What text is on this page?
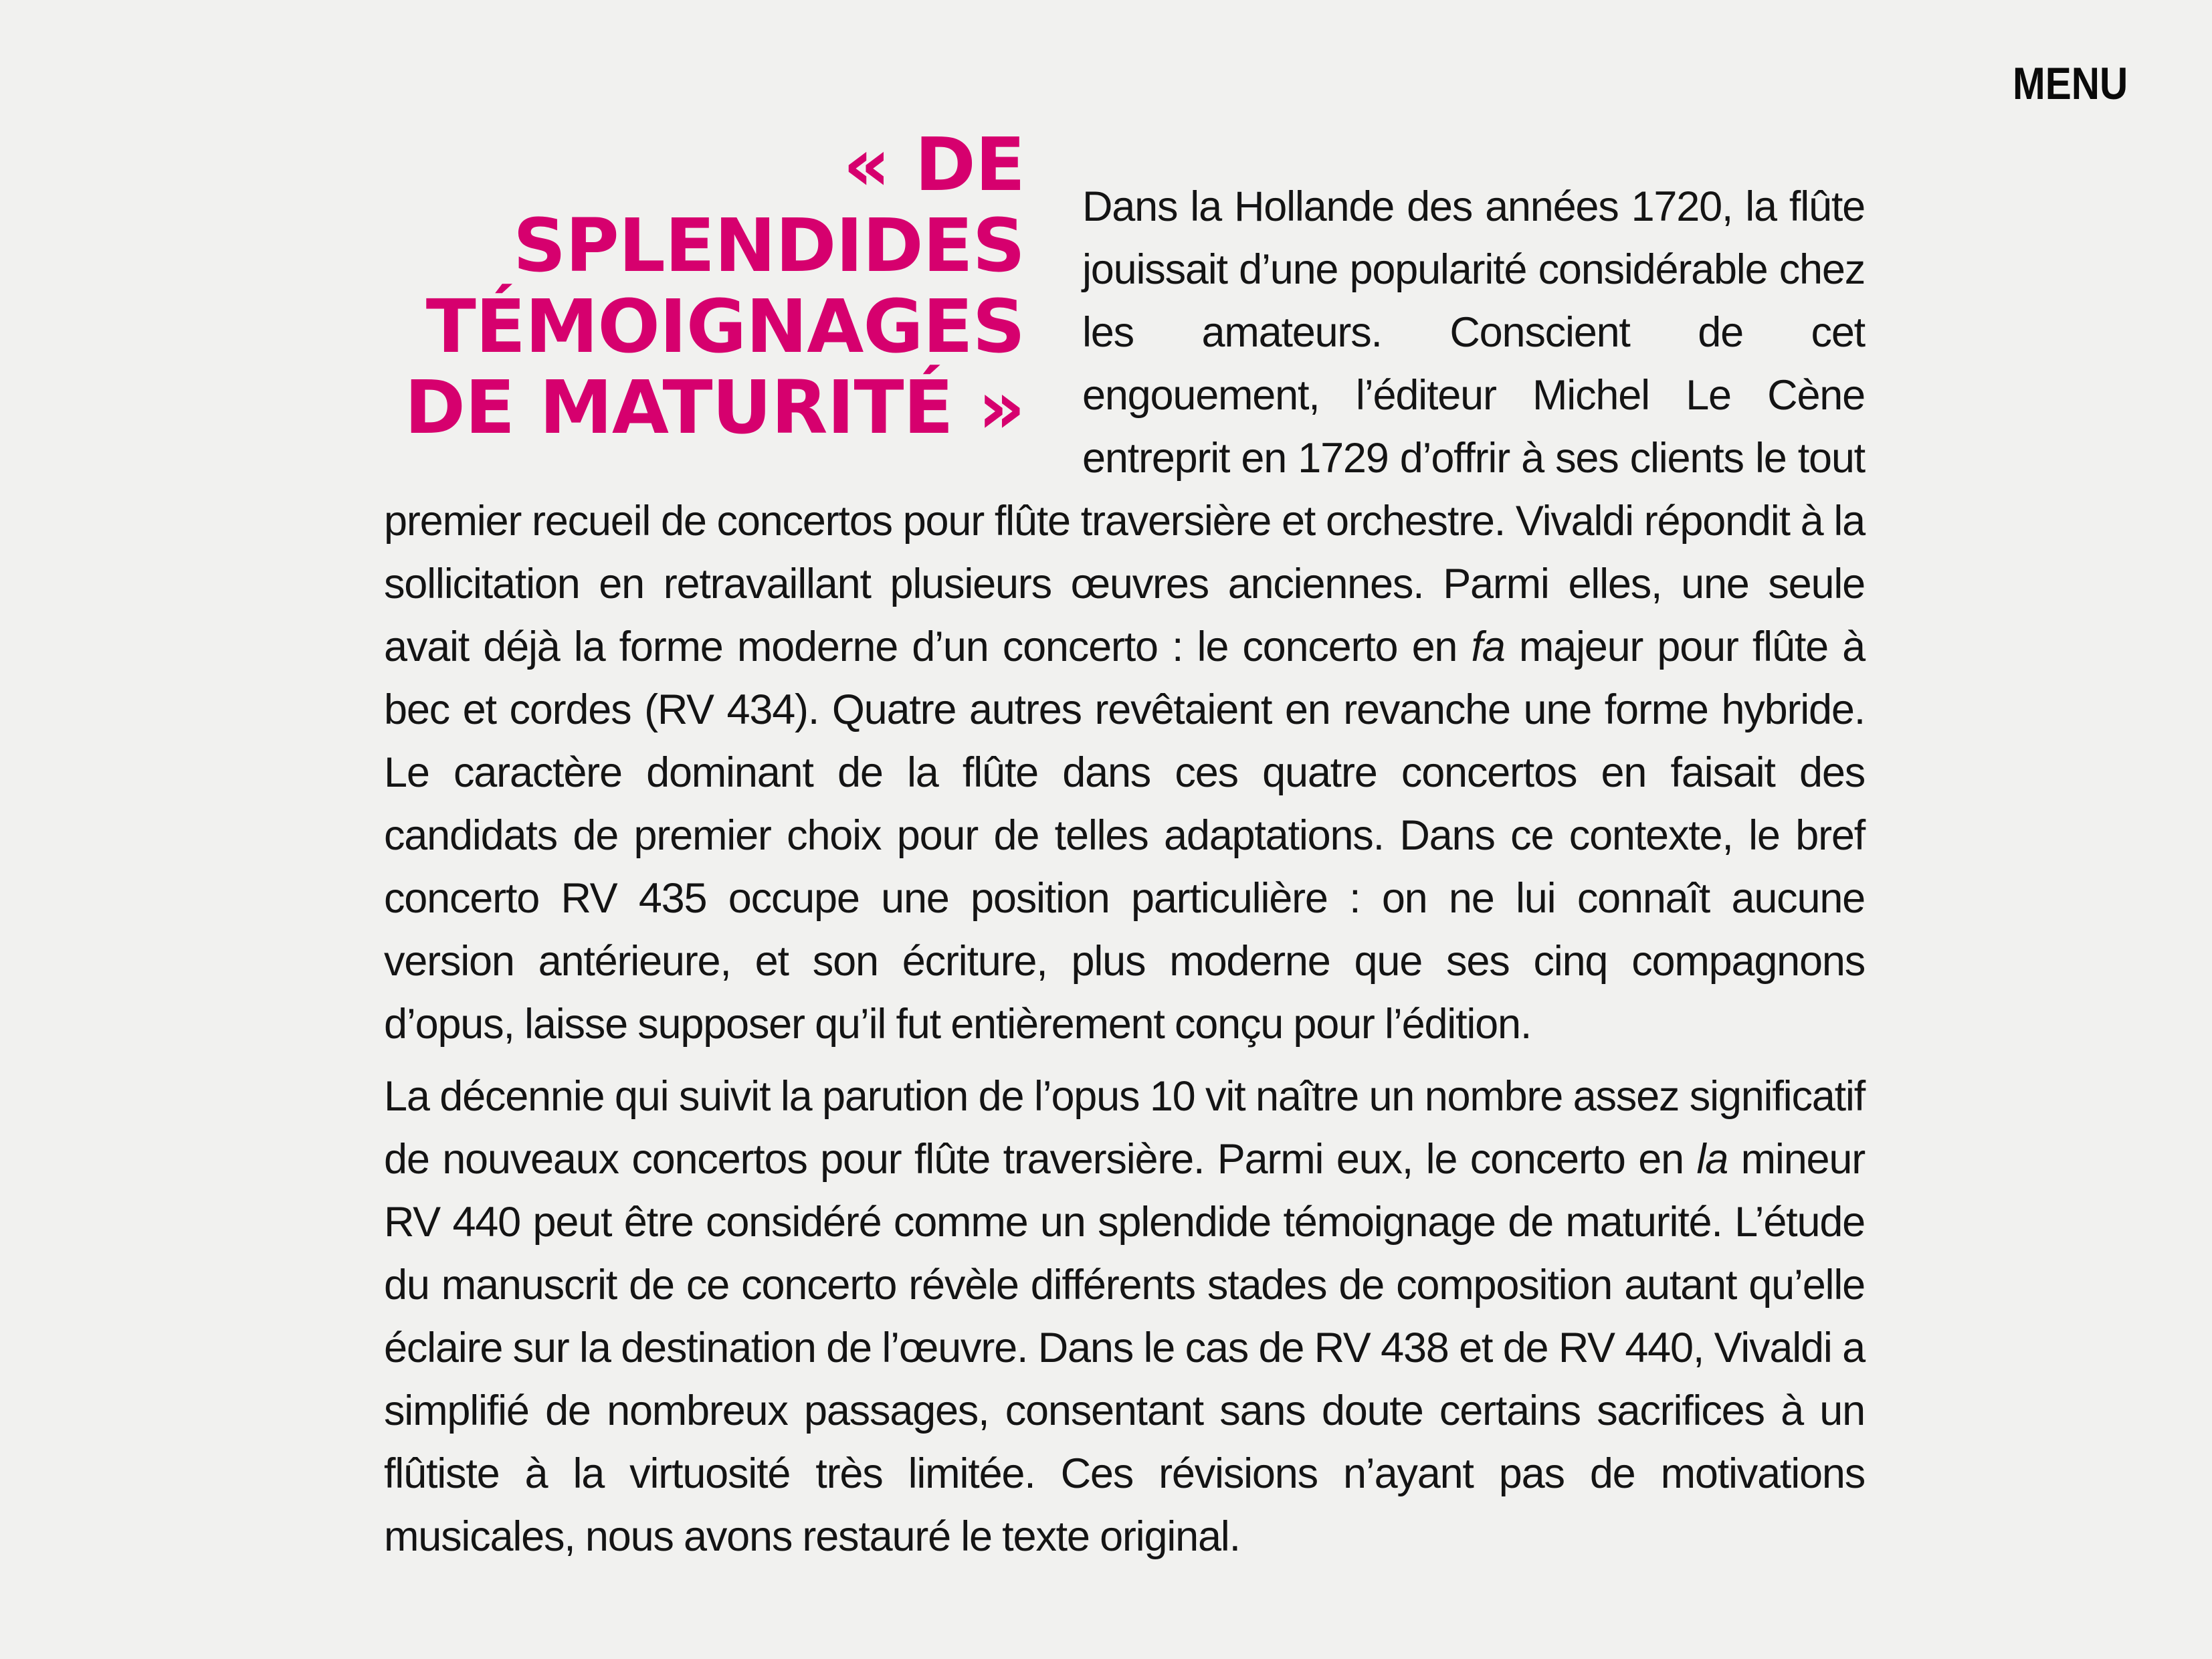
MENU
« DE
SPLENDIDES
TÉMOIGNAGES
DE MATURITÉ »

Dans la Hollande des années 1720, la flûte jouissait d’une popularité considérable chez les amateurs. Conscient de cet engouement, l’éditeur Michel Le Cène entreprit en 1729 d’offrir à ses clients le tout premier recueil de concertos pour flûte traversière et orchestre. Vivaldi répondit à la sollicitation en retravaillant plusieurs œuvres anciennes. Parmi elles, une seule avait déjà la forme moderne d’un concerto : le concerto en fa majeur pour flûte à bec et cordes (RV 434). Quatre autres revêtaient en revanche une forme hybride. Le caractère dominant de la flûte dans ces quatre concertos en faisait des candidats de premier choix pour de telles adaptations. Dans ce contexte, le bref concerto RV 435 occupe une position particulière : on ne lui connaît aucune version antérieure, et son écriture, plus moderne que ses cinq compagnons d’opus, laisse supposer qu’il fut entièrement conçu pour l’édition.

La décennie qui suivit la parution de l’opus 10 vit naître un nombre assez significatif de nouveaux concertos pour flûte traversière. Parmi eux, le concerto en la mineur RV 440 peut être considéré comme un splendide témoignage de maturité. L’étude du manuscrit de ce concerto révèle différents stades de composition autant qu’elle éclaire sur la destination de l’œuvre. Dans le cas de RV 438 et de RV 440, Vivaldi a simplifié de nombreux passages, consentant sans doute certains sacrifices à un flûtiste à la virtuosité très limitée. Ces révisions n’ayant pas de motivations musicales, nous avons restauré le texte original.
